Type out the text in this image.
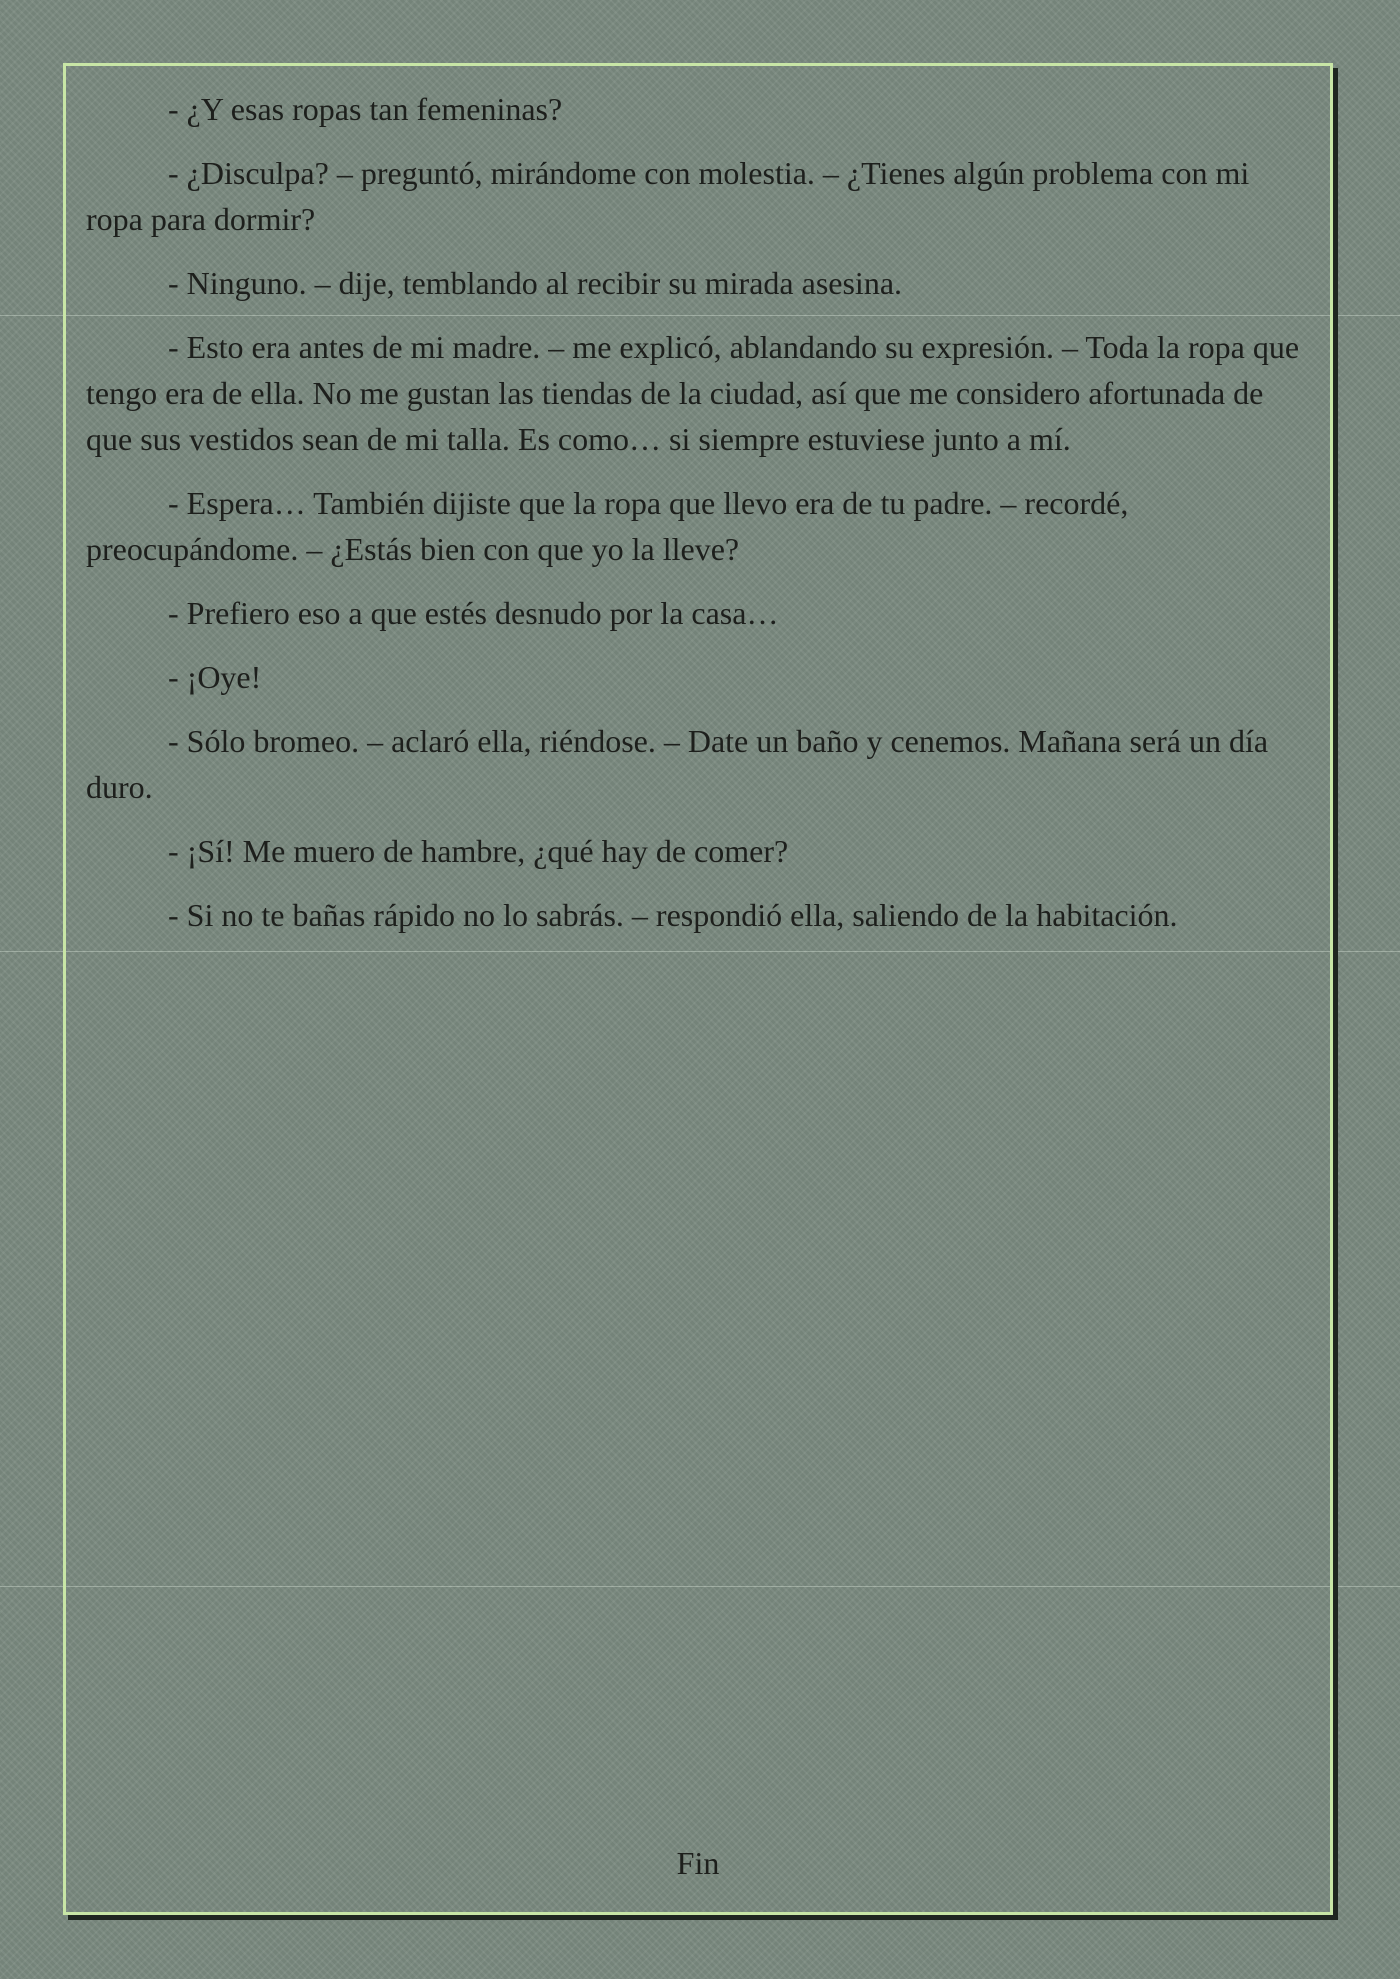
- ¿Y esas ropas tan femeninas?

- ¿Disculpa? – preguntó, mirándome con molestia. – ¿Tienes algún problema con mi ropa para dormir?

- Ninguno. – dije, temblando al recibir su mirada asesina.

- Esto era antes de mi madre. – me explicó, ablandando su expresión. – Toda la ropa que tengo era de ella. No me gustan las tiendas de la ciudad, así que me considero afortunada de que sus vestidos sean de mi talla. Es como… si siempre estuviese junto a mí.

- Espera… También dijiste que la ropa que llevo era de tu padre. – recordé, preocupándome. – ¿Estás bien con que yo la lleve?

- Prefiero eso a que estés desnudo por la casa…

- ¡Oye!

- Sólo bromeo. – aclaró ella, riéndose. – Date un baño y cenemos. Mañana será un día duro.

- ¡Sí! Me muero de hambre, ¿qué hay de comer?

- Si no te bañas rápido no lo sabrás. – respondió ella, saliendo de la habitación.

Fin
